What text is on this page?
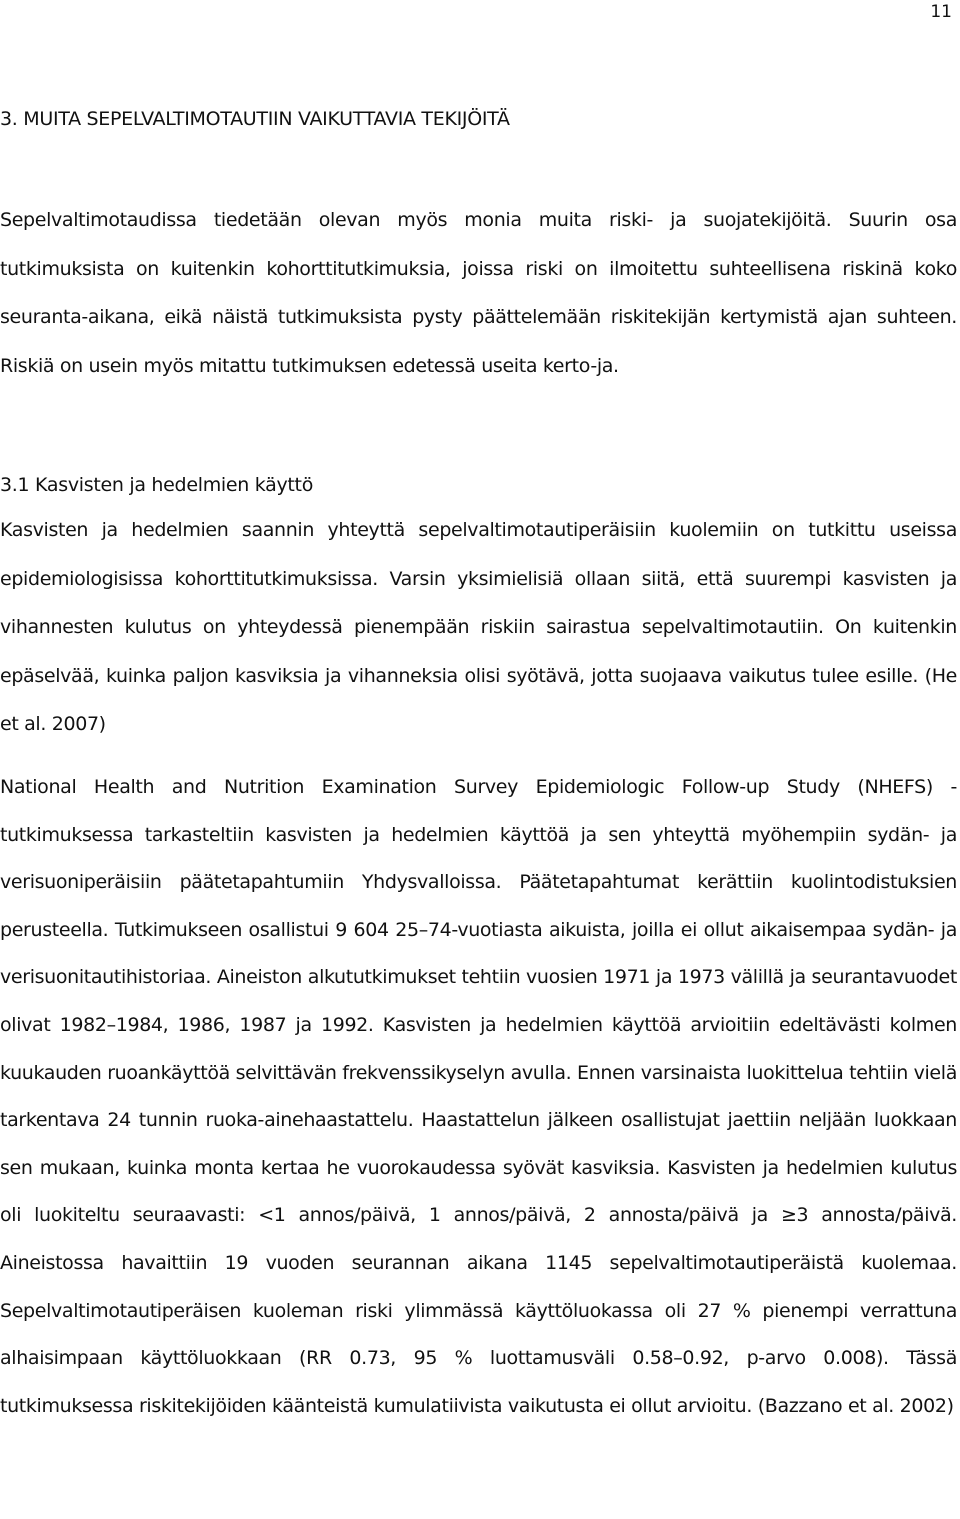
11
3. MUITA SEPELVALTIMOTAUTIIN VAIKUTTAVIA TEKIJÖITÄ

Sepelvaltimotaudissa tiedetään olevan myös monia muita riski- ja suojatekijöitä. Suurin osa tutkimuksista on kuitenkin kohorttitutkimuksia, joissa riski on ilmoitettu suhteellisena riskinä koko seuranta-aikana, eikä näistä tutkimuksista pysty päättelemään riskitekijän kertymistä ajan suhteen. Riskiä on usein myös mitattu tutkimuksen edetessä useita kerto-ja.

3.1 Kasvisten ja hedelmien käyttö

Kasvisten ja hedelmien saannin yhteyttä sepelvaltimotautiperäisiin kuolemiin on tutkittu useissa epidemiologisissa kohorttitutkimuksissa. Varsin yksimielisiä ollaan siitä, että suurempi kasvisten ja vihannesten kulutus on yhteydessä pienempään riskiin sairastua sepelvaltimotautiin. On kuitenkin epäselvää, kuinka paljon kasviksia ja vihanneksia olisi syötävä, jotta suojaava vaikutus tulee esille. (He et al. 2007)

National Health and Nutrition Examination Survey Epidemiologic Follow-up Study (NHEFS) -tutkimuksessa tarkasteltiin kasvisten ja hedelmien käyttöä ja sen yhteyttä myöhempiin sydän- ja verisuoniperäisiin päätetapahtumiin Yhdysvalloissa. Päätetapahtumat kerättiin kuolintodistuksien perusteella. Tutkimukseen osallistui 9 604 25–74-vuotiasta aikuista, joilla ei ollut aikaisempaa sydän- ja verisuonitautihistoriaa. Aineiston alkututkimukset tehtiin vuosien 1971 ja 1973 välillä ja seurantavuodet olivat 1982–1984, 1986, 1987 ja 1992. Kasvisten ja hedelmien käyttöä arvioitiin edeltävästi kolmen kuukauden ruoankäyttöä selvittävän frekvenssikyselyn avulla. Ennen varsinaista luokittelua tehtiin vielä tarkentava 24 tunnin ruoka-ainehaastattelu. Haastattelun jälkeen osallistujat jaettiin neljään luokkaan sen mukaan, kuinka monta kertaa he vuorokaudessa syövät kasviksia. Kasvisten ja hedelmien kulutus oli luokiteltu seuraavasti: <1 annos/päivä, 1 annos/päivä, 2 annosta/päivä ja ≥3 annosta/päivä. Aineistossa havaittiin 19 vuoden seurannan aikana 1145 sepelvaltimotautiperäistä kuolemaa. Sepelvaltimotautiperäisen kuoleman riski ylimmässä käyttöluokassa oli 27 % pienempi verrattuna alhaisimpaan käyttöluokkaan (RR 0.73, 95 % luottamusväli 0.58–0.92, p-arvo 0.008). Tässä tutkimuksessa riskitekijöiden käänteistä kumulatiivista vaikutusta ei ollut arvioitu. (Bazzano et al. 2002)
